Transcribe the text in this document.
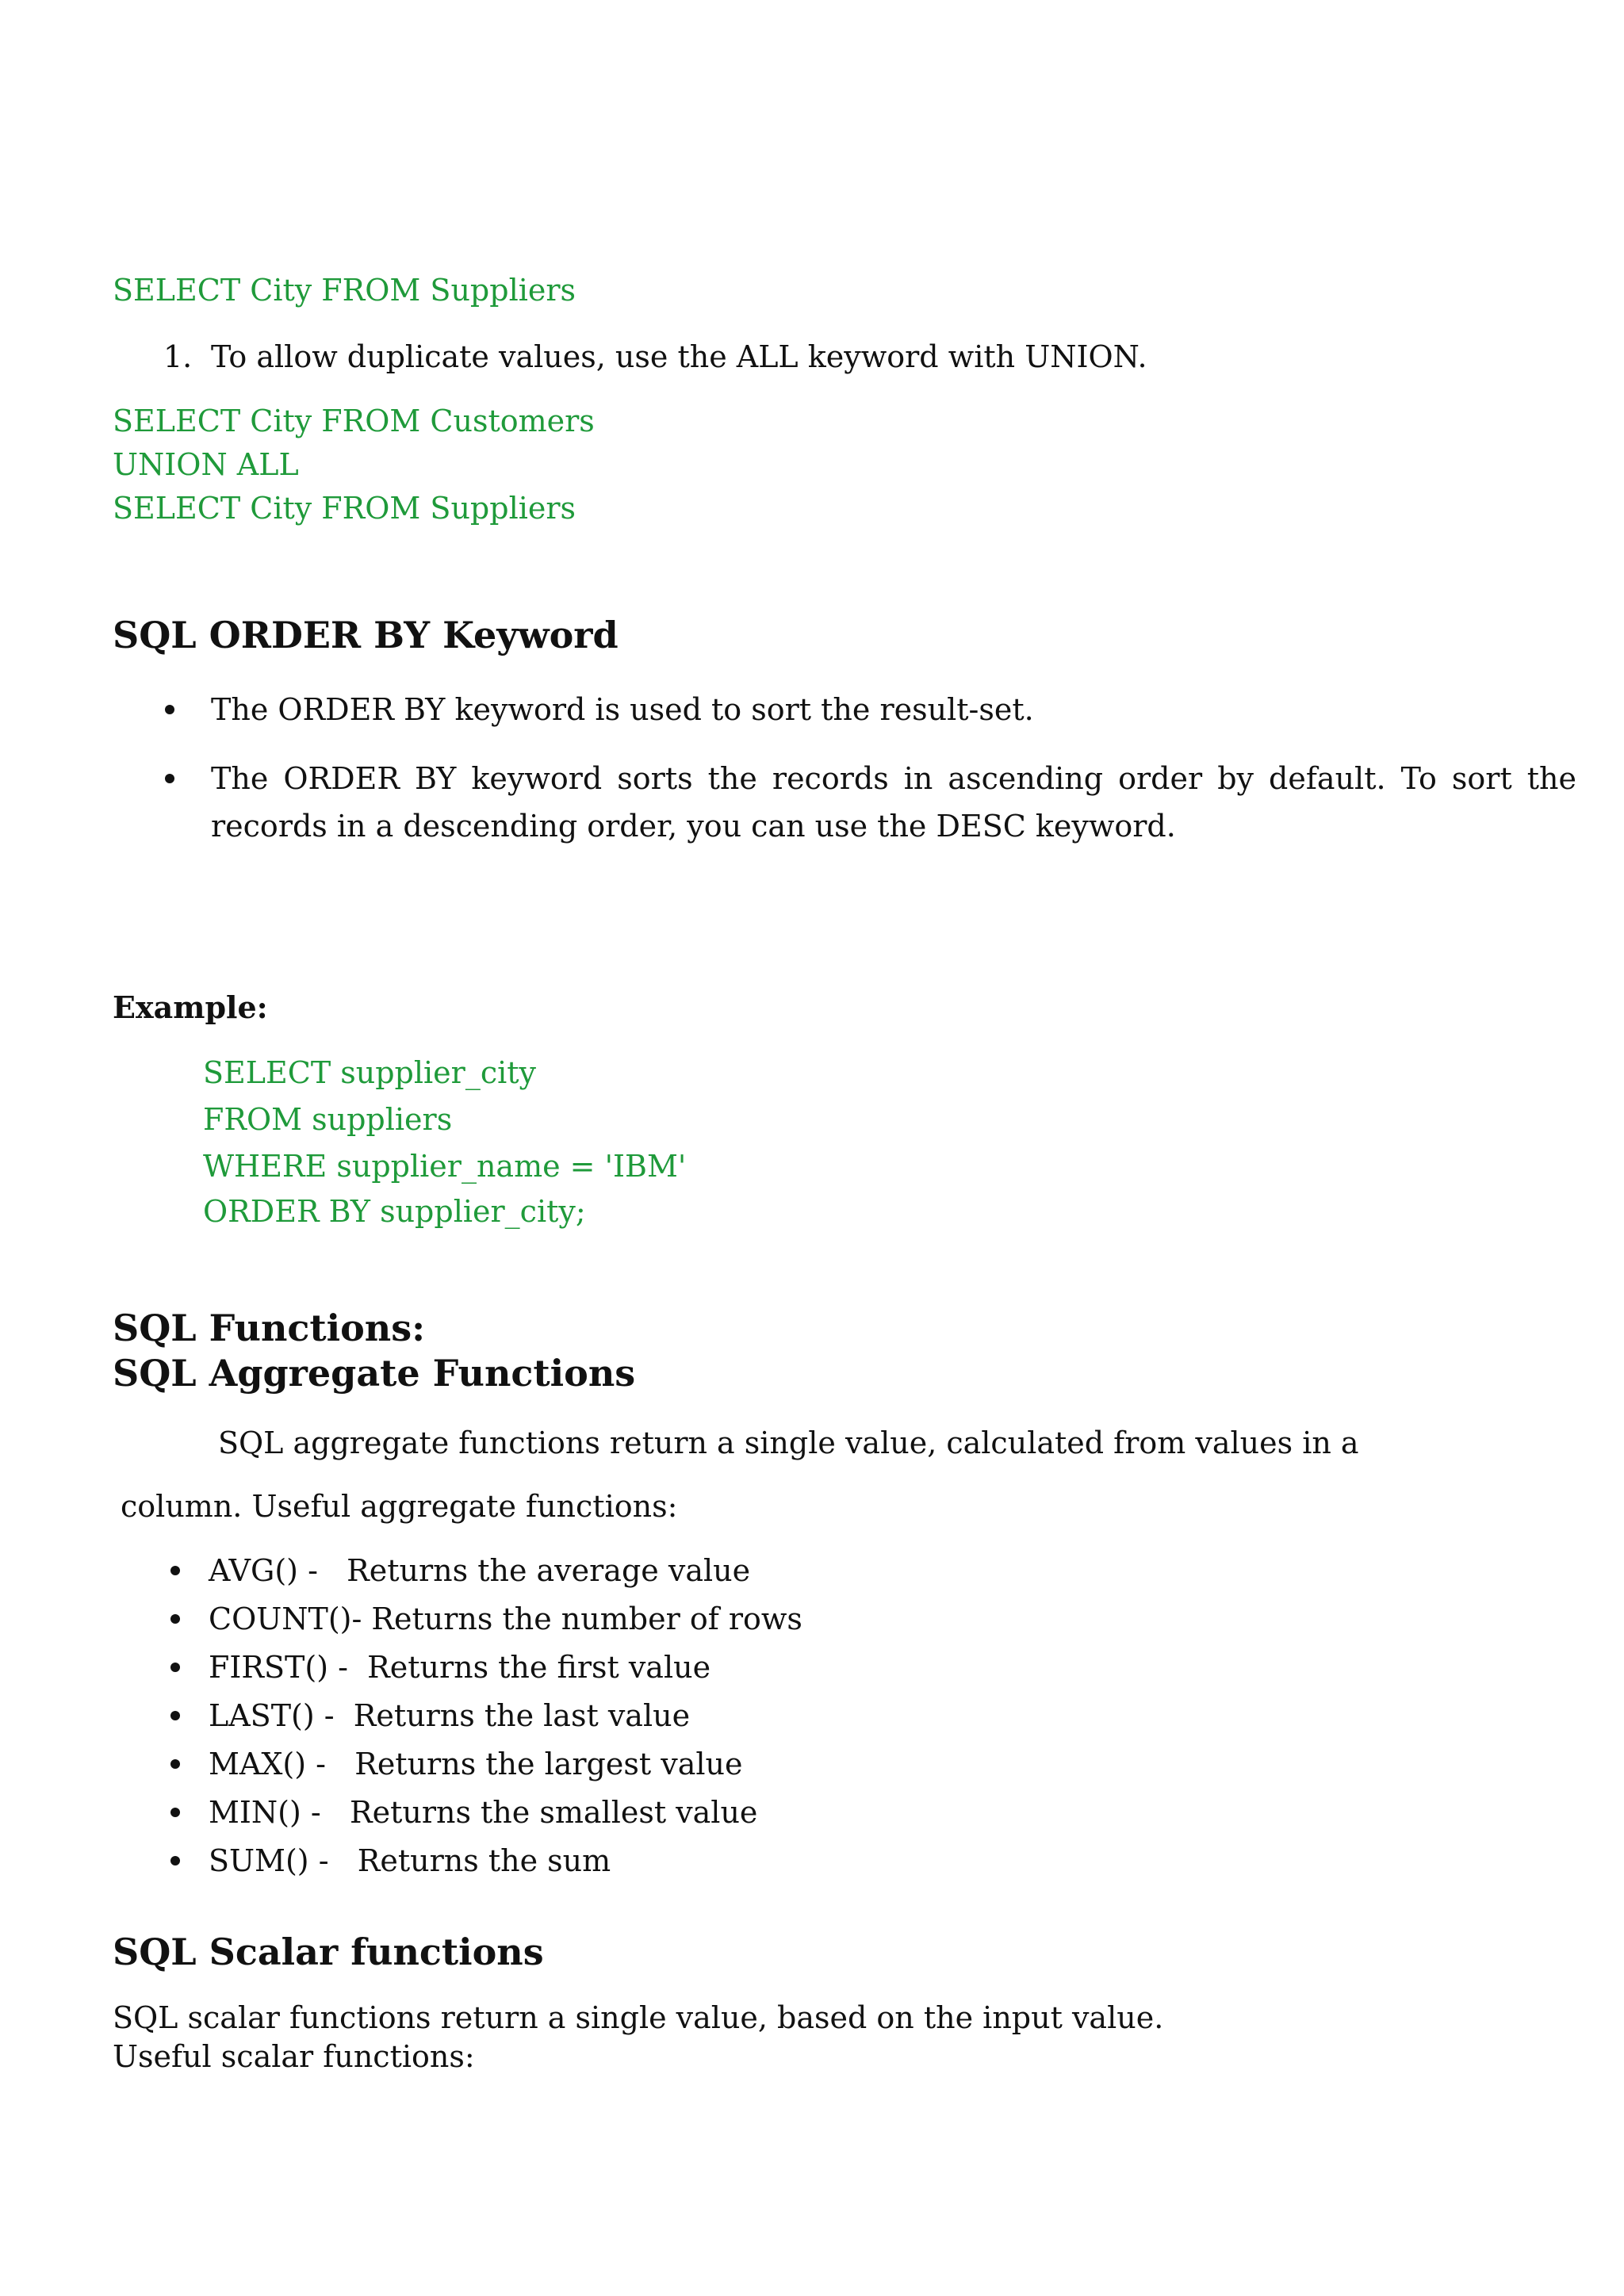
SELECT City FROM Suppliers
1. To allow duplicate values, use the ALL keyword with UNION.
SELECT City FROM Customers
UNION ALL
SELECT City FROM Suppliers
SQL ORDER BY Keyword
The ORDER BY keyword is used to sort the result-set.
The ORDER BY keyword sorts the records in ascending order by default. To sort the
records in a descending order, you can use the DESC keyword.
Example:
SELECT supplier_city
FROM suppliers
WHERE supplier_name = 'IBM'
ORDER BY supplier_city;
SQL Functions:
SQL Aggregate Functions
SQL aggregate functions return a single value, calculated from values in a
column. Useful aggregate functions:
AVG() -   Returns the average value
COUNT()- Returns the number of rows
FIRST() -  Returns the first value
LAST() -  Returns the last value
MAX() -   Returns the largest value
MIN() -   Returns the smallest value
SUM() -   Returns the sum
SQL Scalar functions
SQL scalar functions return a single value, based on the input value.
Useful scalar functions:
